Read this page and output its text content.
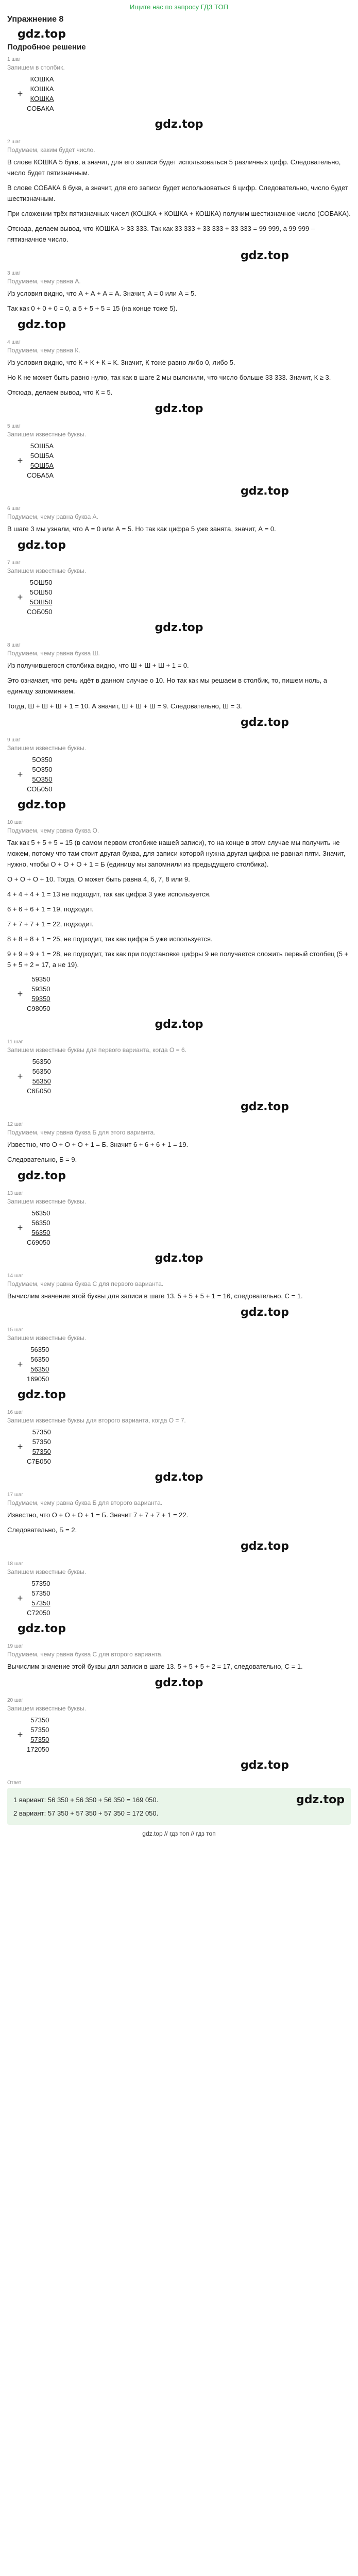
Ищите нас по запросу ГДЗ ТОП
Упражнение 8
gdz.top
Подробное решение
1 шаг
Запишем в столбик.
+
КОШКА
КОШКА
КОШКА
СОБАКА
gdz.top
2 шаг
Подумаем, каким будет число.
В слове КОШКА 5 букв, а значит, для его записи будет использоваться 5 различных цифр. Следовательно, число будет пятизначным.
В слове СОБАКА 6 букв, а значит, для его записи будет использоваться 6 цифр. Следовательно, число будет шестизначным.
При сложении трёх пятизначных чисел (КОШКА + КОШКА + КОШКА) получим шестизначное число (СОБАКА).
Отсюда, делаем вывод, что КОШКА > 33 333. Так как 33 333 + 33 333 + 33 333 = 99 999, а 99 999 – пятизначное число.
gdz.top
3 шаг
Подумаем, чему равна А.
Из условия видно, что А + А + А = А. Значит, А = 0 или А = 5.
Так как 0 + 0 + 0 = 0, а 5 + 5 + 5 = 15 (на конце тоже 5).
gdz.top
4 шаг
Подумаем, чему равна К.
Из условия видно, что К + К + К = К. Значит, К тоже равно либо 0, либо 5.
Но К не может быть равно нулю, так как в шаге 2 мы выяснили, что число больше 33 333. Значит, К ≥ 3.
Отсюда, делаем вывод, что К = 5.
gdz.top
5 шаг
Запишем известные буквы.
+
5ОШ5А
5ОШ5А
5ОШ5А
СОБА5А
gdz.top
6 шаг
Подумаем, чему равна буква А.
В шаге 3 мы узнали, что А = 0 или А = 5. Но так как цифра 5 уже занята, значит, А = 0.
gdz.top
7 шаг
Запишем известные буквы.
+
5ОШ50
5ОШ50
5ОШ50
СОБ050
gdz.top
8 шаг
Подумаем, чему равна буква Ш.
Из получившегося столбика видно, что Ш + Ш + Ш + 1 = 0.
Это означает, что речь идёт в данном случае о 10. Но так как мы решаем в столбик, то, пишем ноль, а единицу запоминаем.
Тогда, Ш + Ш + Ш + 1 = 10. А значит, Ш + Ш + Ш = 9. Следовательно, Ш = 3.
gdz.top
9 шаг
Запишем известные буквы.
+
5О350
5О350
5О350
СОБ050
gdz.top
10 шаг
Подумаем, чему равна буква О.
Так как 5 + 5 + 5 = 15 (в самом первом столбике нашей записи), то на конце в этом случае мы получить не можем, потому что там стоит другая буква, для записи которой нужна другая цифра не равная пяти. Значит, нужно, чтобы О + О + О + 1 = Б (единицу мы запомнили из предыдущего столбика).
О + О + О + 10. Тогда, О может быть равна 4, 6, 7, 8 или 9.
4 + 4 + 4 + 1 = 13 не подходит, так как цифра 3 уже используется.
6 + 6 + 6 + 1 = 19, подходит.
7 + 7 + 7 + 1 = 22, подходит.
8 + 8 + 8 + 1 = 25, не подходит, так как цифра 5 уже используется.
9 + 9 + 9 + 1 = 28, не подходит, так как при подстановке цифры 9 не получается сложить первый столбец (5 + 5 + 5 + 2 = 17, а не 19).
+
59350
59350
59350
С98050
gdz.top
11 шаг
Запишем известные буквы для первого варианта, когда О = 6.
+
56350
56350
56350
С6Б050
gdz.top
12 шаг
Подумаем, чему равна буква Б для этого варианта.
Известно, что О + О + О + 1 = Б. Значит 6 + 6 + 6 + 1 = 19.
Следовательно, Б = 9.
gdz.top
13 шаг
Запишем известные буквы.
+
56350
56350
56350
С69050
gdz.top
14 шаг
Подумаем, чему равна буква С для первого варианта.
Вычислим значение этой буквы для записи в шаге 13. 5 + 5 + 5 + 1 = 16, следовательно, С = 1.
gdz.top
15 шаг
Запишем известные буквы.
+
56350
56350
56350
169050
gdz.top
16 шаг
Запишем известные буквы для второго варианта, когда О = 7.
+
57350
57350
57350
С7Б050
gdz.top
17 шаг
Подумаем, чему равна буква Б для второго варианта.
Известно, что О + О + О + 1 = Б. Значит 7 + 7 + 7 + 1 = 22.
Следовательно, Б = 2.
gdz.top
18 шаг
Запишем известные буквы.
+
57350
57350
57350
С72050
gdz.top
19 шаг
Подумаем, чему равна буква С для второго варианта.
Вычислим значение этой буквы для записи в шаге 13. 5 + 5 + 5 + 2 = 17, следовательно, С = 1.
gdz.top
20 шаг
Запишем известные буквы.
+
57350
57350
57350
172050
gdz.top
Ответ
1 вариант: 56 350 + 56 350 + 56 350 = 169 050.	gdz.top
2 вариант: 57 350 + 57 350 + 57 350 = 172 050.
gdz.top // гдз топ // гдз топ
